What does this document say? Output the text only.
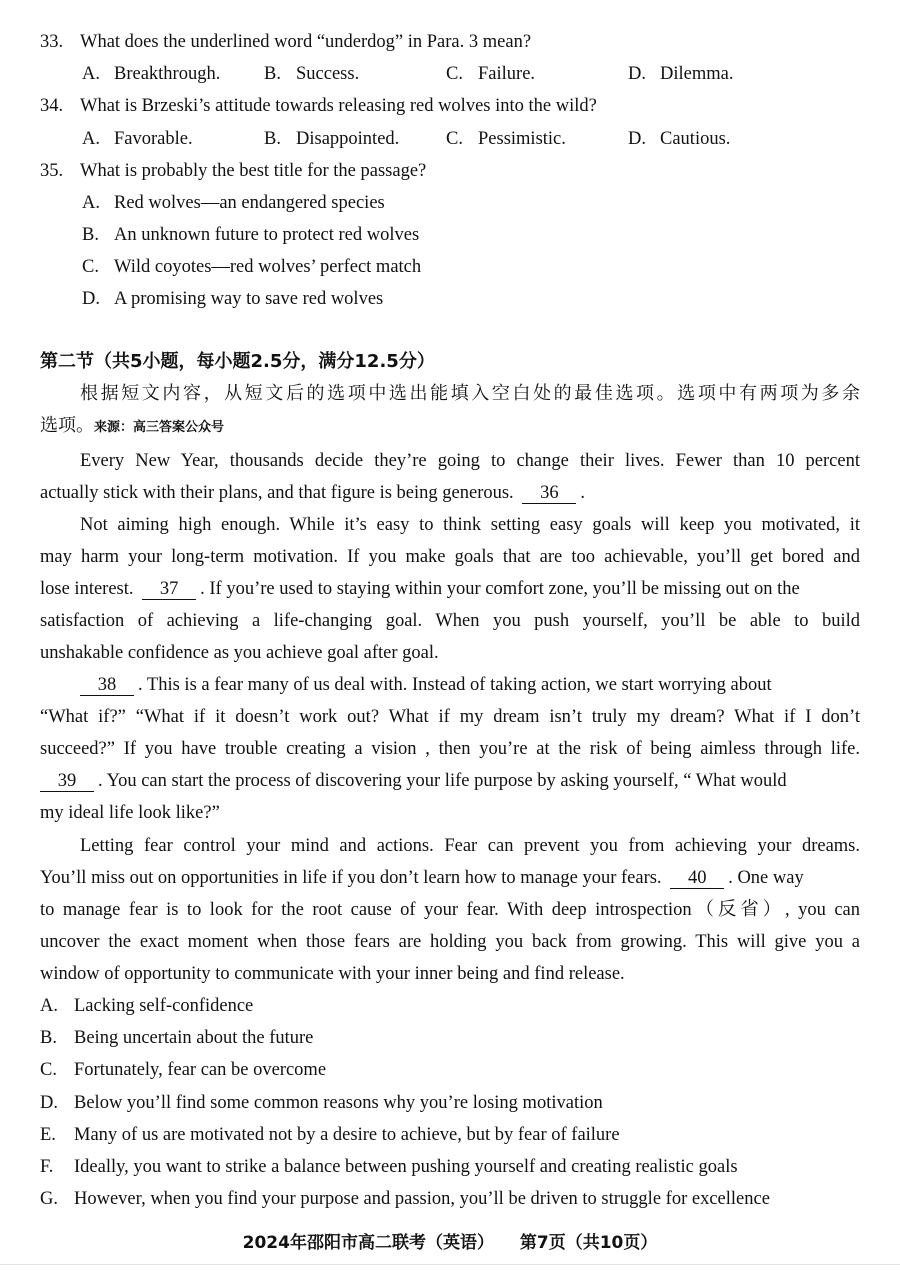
33. What does the underlined word “underdog” in Para. 3 mean?
A. Breakthrough. B. Success.	C. Failure.	D. Dilemma.
34. What is Brzeski’s attitude towards releasing red wolves into the wild?
A. Favorable.	B. Disappointed.	C. Pessimistic.	D. Cautious.
35. What is probably the best title for the passage?
A. Red wolves—an endangered species
B. An unknown future to protect red wolves
C. Wild coyotes—red wolves’ perfect match
D. A promising way to save red wolves
第二节（共5小题，每小题2.5分，满分12.5分）
根据短文内容，从短文后的选项中选出能填入空白处的最佳选项。选项中有两项为多余
选项。来源：高三答案公众号
Every New Year, thousands decide they’re going to change their lives. Fewer than 10 percent
actually stick with their plans, and that figure is being generous. 36 .
Not aiming high enough. While it’s easy to think setting easy goals will keep you motivated, it
may harm your long-term motivation. If you make goals that are too achievable, you’ll get bored and
lose interest. 37 . If you’re used to staying within your comfort zone, you’ll be missing out on the
satisfaction of achieving a life-changing goal. When you push yourself, you’ll be able to build
unshakable confidence as you achieve goal after goal.
38 . This is a fear many of us deal with. Instead of taking action, we start worrying about
“What if?” “What if it doesn’t work out? What if my dream isn’t truly my dream? What if I don’t
succeed?” If you have trouble creating a vision , then you’re at the risk of being aimless through life.
39 . You can start the process of discovering your life purpose by asking yourself, “ What would
my ideal life look like?”
Letting fear control your mind and actions. Fear can prevent you from achieving your dreams.
You’ll miss out on opportunities in life if you don’t learn how to manage your fears. 40 . One way
to manage fear is to look for the root cause of your fear. With deep introspection（反省）, you can
uncover the exact moment when those fears are holding you back from growing. This will give you a
window of opportunity to communicate with your inner being and find release.
A. Lacking self-confidence
B. Being uncertain about the future
C. Fortunately, fear can be overcome
D. Below you’ll find some common reasons why you’re losing motivation
E. Many of us are motivated not by a desire to achieve, but by fear of failure
F. Ideally, you want to strike a balance between pushing yourself and creating realistic goals
G. However, when you find your purpose and passion, you’ll be driven to struggle for excellence
2024年邵阳市高二联考（英语） 第7页（共10页）
